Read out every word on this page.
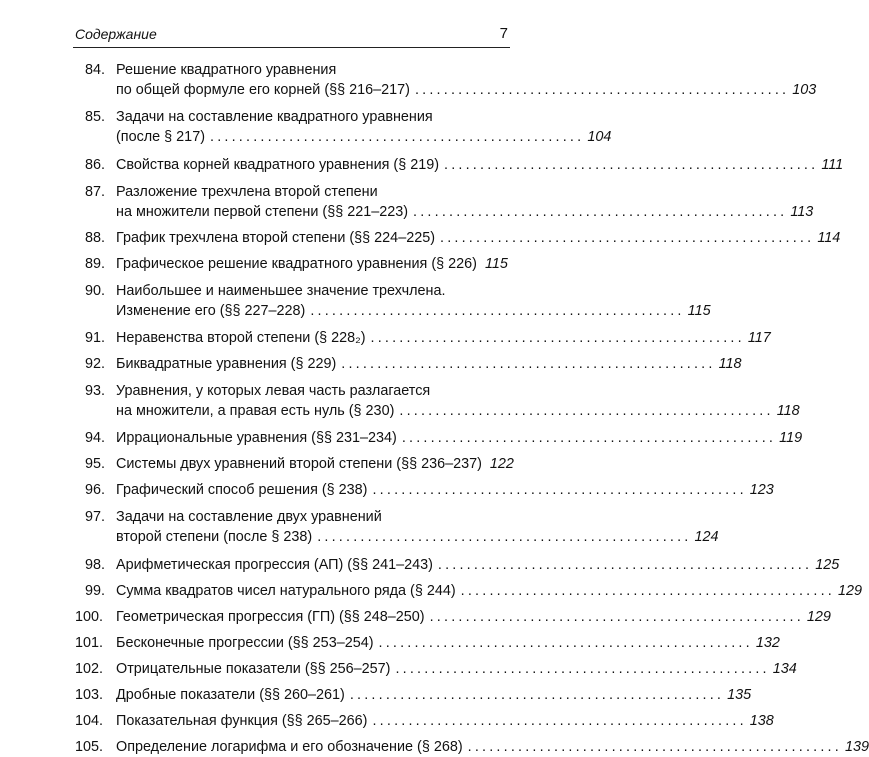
Содержание	7
84. Решение квадратного уравнения
по общей формуле его корней (§§ 216–217) .................................................... 103
85. Задачи на составление квадратного уравнения
(после § 217) .................................................... 104
86. Свойства корней квадратного уравнения (§ 219) .................................................... 111
87. Разложение трехчлена второй степени
на множители первой степени (§§ 221–223) .................................................... 113
88. График трехчлена второй степени (§§ 224–225) .................................................... 114
89. Графическое решение квадратного уравнения (§ 226) 115
90. Наибольшее и наименьшее значение трехчлена.
Изменение его (§§ 227–228) .................................................... 115
91. Неравенства второй степени (§ 228₂) .................................................... 117
92. Биквадратные уравнения (§ 229) .................................................... 118
93. Уравнения, у которых левая часть разлагается
на множители, а правая есть нуль (§ 230) .................................................... 118
94. Иррациональные уравнения (§§ 231–234) .................................................... 119
95. Системы двух уравнений второй степени (§§ 236–237) 122
96. Графический способ решения (§ 238) .................................................... 123
97. Задачи на составление двух уравнений
второй степени (после § 238) .................................................... 124
98. Арифметическая прогрессия (АП) (§§ 241–243) .................................................... 125
99. Сумма квадратов чисел натурального ряда (§ 244) .................................................... 129
100. Геометрическая прогрессия (ГП) (§§ 248–250) .................................................... 129
101. Бесконечные прогрессии (§§ 253–254) .................................................... 132
102. Отрицательные показатели (§§ 256–257) .................................................... 134
103. Дробные показатели (§§ 260–261) .................................................... 135
104. Показательная функция (§§ 265–266) .................................................... 138
105. Определение логарифма и его обозначение (§ 268) .................................................... 139
